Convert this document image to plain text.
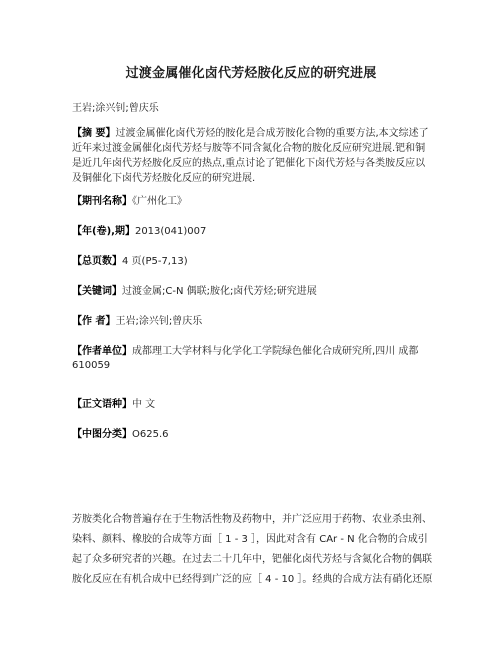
过渡金属催化卤代芳烃胺化反应的研究进展
王岩;涂兴钊;曾庆乐
【摘 要】过渡金属催化卤代芳烃的胺化是合成芳胺化合物的重要方法,本文综述了
近年来过渡金属催化卤代芳烃与胺等不同含氮化合物的胺化反应研究进展.钯和铜
是近几年卤代芳烃胺化反应的热点,重点讨论了钯催化下卤代芳烃与各类胺反应以
及铜催化下卤代芳烃胺化反应的研究进展.
【期刊名称】《广州化工》
【年(卷),期】2013(041)007
【总页数】4 页(P5-7,13)
【关键词】过渡金属;C-N 偶联;胺化;卤代芳烃;研究进展
【作 者】王岩;涂兴钊;曾庆乐
【作者单位】成都理工大学材料与化学化工学院绿色催化合成研究所,四川 成都
610059
【正文语种】中 文
【中图分类】O625.6
芳胺类化合物普遍存在于生物活性物及药物中，并广泛应用于药物、农业杀虫剂、
染料、颜料、橡胶的合成等方面［ 1 - 3 ］，因此对含有 CAr - N 化合物的合成引
起了众多研究者的兴趣。在过去二十几年中，钯催化卤代芳烃与含氮化合物的偶联
胺化反应在有机合成中已经得到广泛的应［ 4 - 10 ］。经典的合成方法有硝化还原
